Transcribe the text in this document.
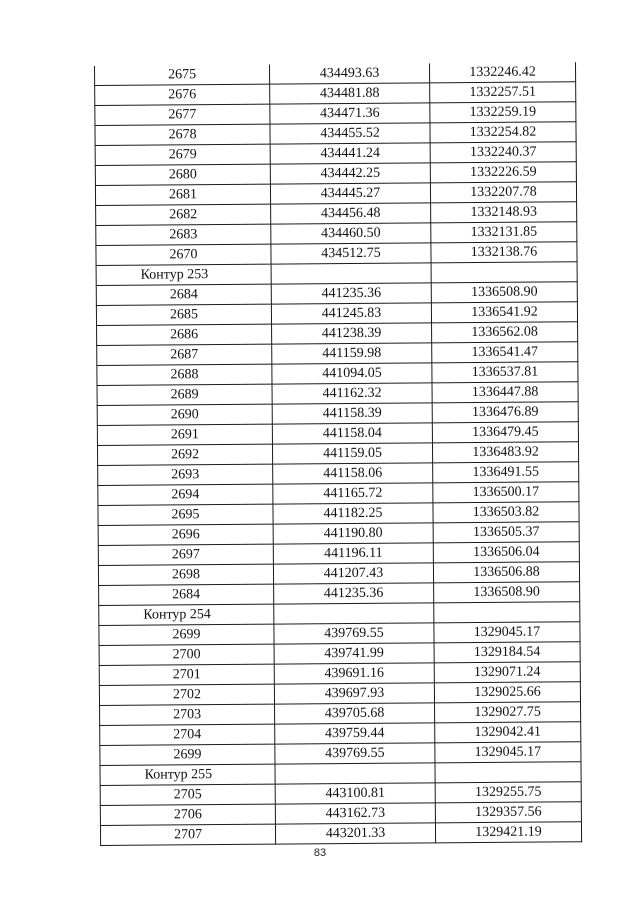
2675	434493.63	1332246.42
2676	434481.88	1332257.51
2677	434471.36	1332259.19
2678	434455.52	1332254.82
2679	434441.24	1332240.37
2680	434442.25	1332226.59
2681	434445.27	1332207.78
2682	434456.48	1332148.93
2683	434460.50	1332131.85
2670	434512.75	1332138.76
Контур 253		
2684	441235.36	1336508.90
2685	441245.83	1336541.92
2686	441238.39	1336562.08
2687	441159.98	1336541.47
2688	441094.05	1336537.81
2689	441162.32	1336447.88
2690	441158.39	1336476.89
2691	441158.04	1336479.45
2692	441159.05	1336483.92
2693	441158.06	1336491.55
2694	441165.72	1336500.17
2695	441182.25	1336503.82
2696	441190.80	1336505.37
2697	441196.11	1336506.04
2698	441207.43	1336506.88
2684	441235.36	1336508.90
Контур 254		
2699	439769.55	1329045.17
2700	439741.99	1329184.54
2701	439691.16	1329071.24
2702	439697.93	1329025.66
2703	439705.68	1329027.75
2704	439759.44	1329042.41
2699	439769.55	1329045.17
Контур 255		
2705	443100.81	1329255.75
2706	443162.73	1329357.56
2707	443201.33	1329421.19
83
